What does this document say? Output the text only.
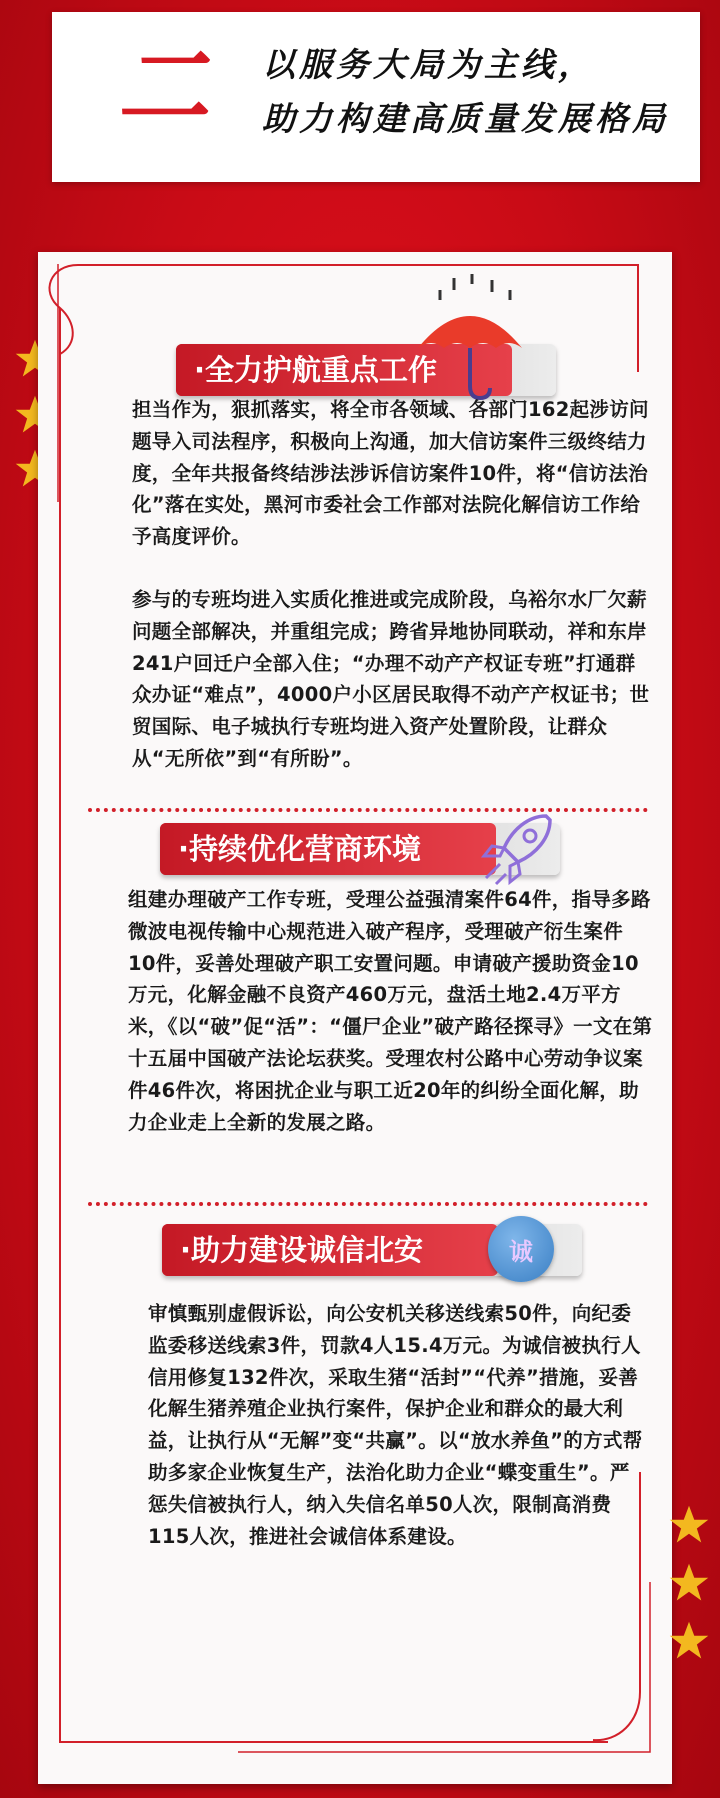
二	以服务大局为主线，
助力构建高质量发展格局
·全力护航重点工作

担当作为，狠抓落实，将全市各领域、各部门162起涉访问题导入司法程序，积极向上沟通，加大信访案件三级终结力度，全年共报备终结涉法涉诉信访案件10件，将“信访法治化”落在实处，黑河市委社会工作部对法院化解信访工作给予高度评价。

参与的专班均进入实质化推进或完成阶段，乌裕尔水厂欠薪问题全部解决，并重组完成；跨省异地协同联动，祥和东岸241户回迁户全部入住；“办理不动产产权证专班”打通群众办证“难点”，4000户小区居民取得不动产产权证书；世贸国际、电子城执行专班均进入资产处置阶段，让群众从“无所依”到“有所盼”。

·持续优化营商环境

组建办理破产工作专班，受理公益强清案件64件，指导多路微波电视传输中心规范进入破产程序，受理破产衍生案件 10件，妥善处理破产职工安置问题。申请破产援助资金10万元，化解金融不良资产460万元，盘活土地2.4万平方米，《以“破”促“活”：“僵尸企业”破产路径探寻》一文在第十五届中国破产法论坛获奖。受理农村公路中心劳动争议案件46件次，将困扰企业与职工近20年的纠纷全面化解，助力企业走上全新的发展之路。

·助力建设诚信北安	诚

审慎甄别虚假诉讼，向公安机关移送线索50件，向纪委监委移送线索3件，罚款4人15.4万元。为诚信被执行人信用修复132件次，采取生猪“活封”“代养”措施，妥善化解生猪养殖企业执行案件，保护企业和群众的最大利益，让执行从“无解”变“共赢”。以“放水养鱼”的方式帮助多家企业恢复生产，法治化助力企业“蝶变重生”。严惩失信被执行人，纳入失信名单50人次，限制高消费115人次，推进社会诚信体系建设。
